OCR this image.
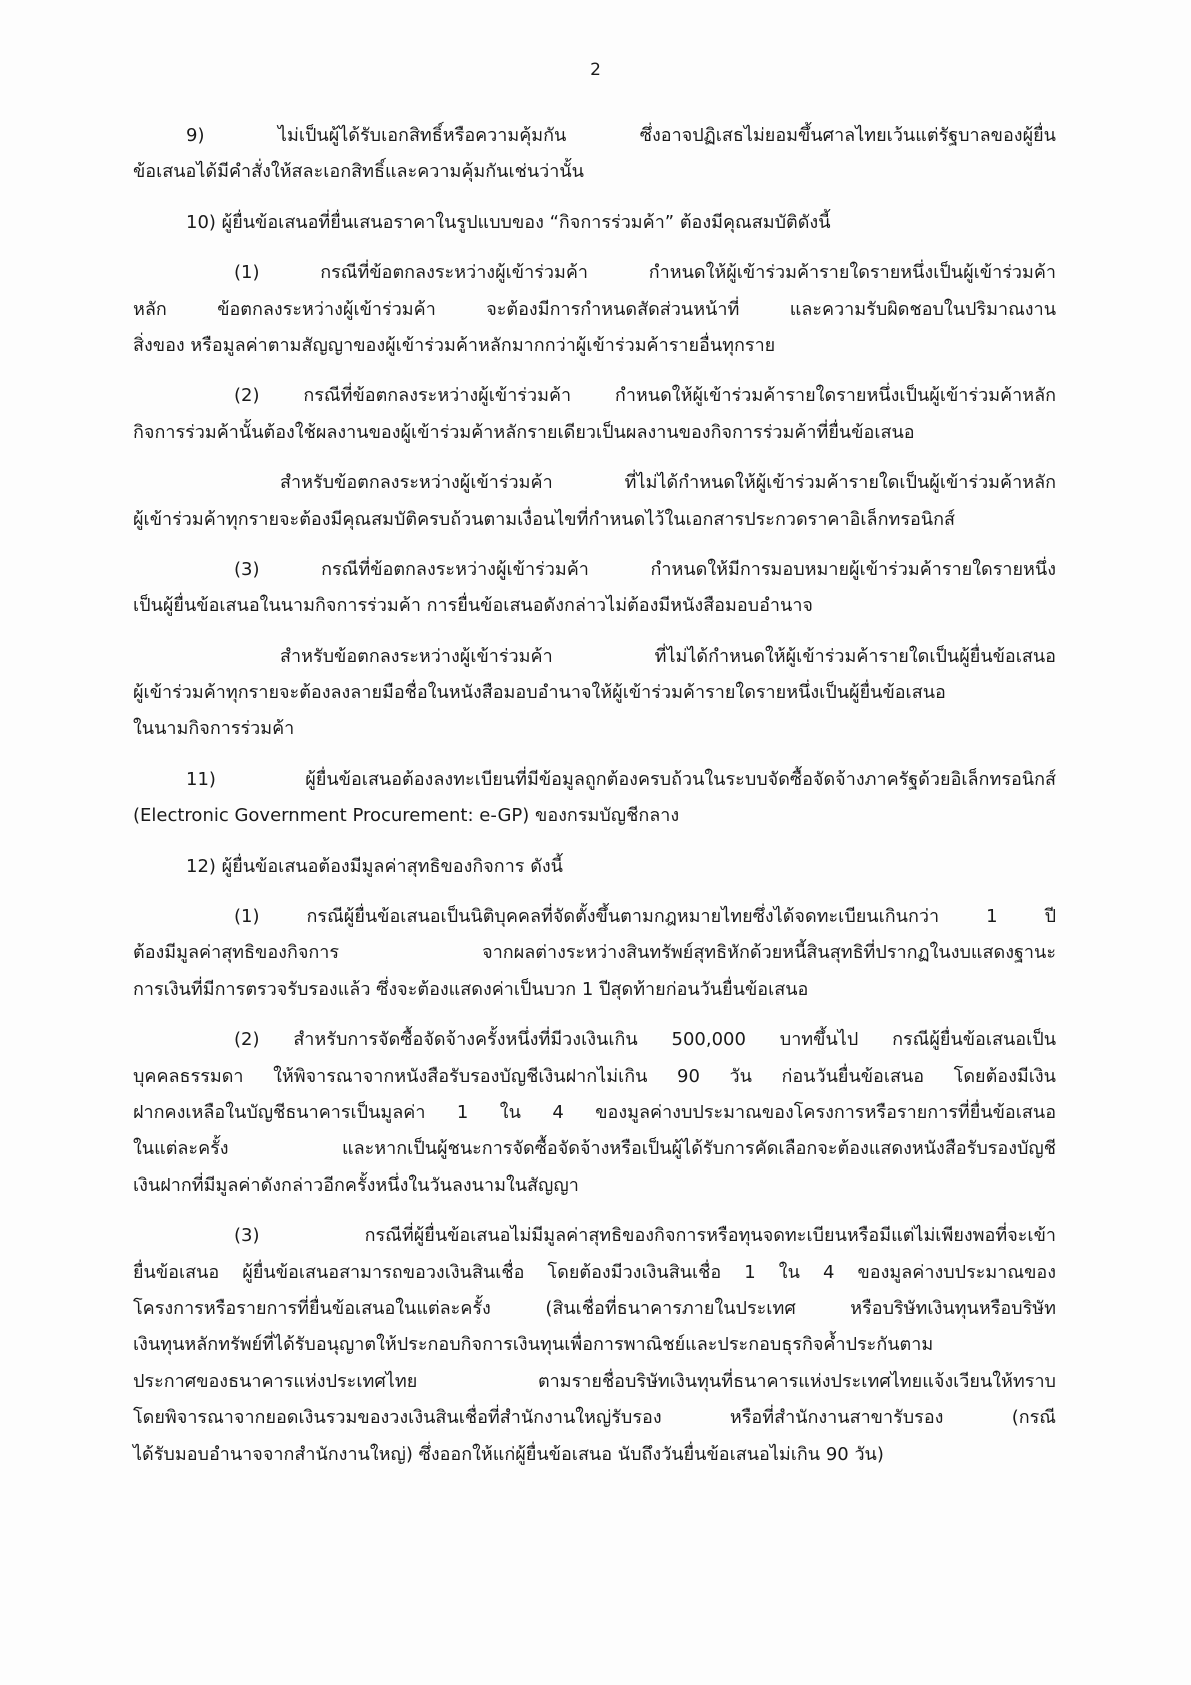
2
9) ไม่เป็นผู้ได้รับเอกสิทธิ์หรือความคุ้มกัน ซึ่งอาจปฏิเสธไม่ยอมขึ้นศาลไทยเว้นแต่รัฐบาลของผู้ยื่น
ข้อเสนอได้มีคำสั่งให้สละเอกสิทธิ์และความคุ้มกันเช่นว่านั้น
10) ผู้ยื่นข้อเสนอที่ยื่นเสนอราคาในรูปแบบของ “กิจการร่วมค้า” ต้องมีคุณสมบัติดังนี้
(1) กรณีที่ข้อตกลงระหว่างผู้เข้าร่วมค้า กำหนดให้ผู้เข้าร่วมค้ารายใดรายหนึ่งเป็นผู้เข้าร่วมค้า
หลัก ข้อตกลงระหว่างผู้เข้าร่วมค้า จะต้องมีการกำหนดสัดส่วนหน้าที่ และความรับผิดชอบในปริมาณงาน
สิ่งของ หรือมูลค่าตามสัญญาของผู้เข้าร่วมค้าหลักมากกว่าผู้เข้าร่วมค้ารายอื่นทุกราย
(2) กรณีที่ข้อตกลงระหว่างผู้เข้าร่วมค้า กำหนดให้ผู้เข้าร่วมค้ารายใดรายหนึ่งเป็นผู้เข้าร่วมค้าหลัก
กิจการร่วมค้านั้นต้องใช้ผลงานของผู้เข้าร่วมค้าหลักรายเดียวเป็นผลงานของกิจการร่วมค้าที่ยื่นข้อเสนอ
สำหรับข้อตกลงระหว่างผู้เข้าร่วมค้า ที่ไม่ได้กำหนดให้ผู้เข้าร่วมค้ารายใดเป็นผู้เข้าร่วมค้าหลัก
ผู้เข้าร่วมค้าทุกรายจะต้องมีคุณสมบัติครบถ้วนตามเงื่อนไขที่กำหนดไว้ในเอกสารประกวดราคาอิเล็กทรอนิกส์
(3) กรณีที่ข้อตกลงระหว่างผู้เข้าร่วมค้า กำหนดให้มีการมอบหมายผู้เข้าร่วมค้ารายใดรายหนึ่ง
เป็นผู้ยื่นข้อเสนอในนามกิจการร่วมค้า การยื่นข้อเสนอดังกล่าวไม่ต้องมีหนังสือมอบอำนาจ
สำหรับข้อตกลงระหว่างผู้เข้าร่วมค้า ที่ไม่ได้กำหนดให้ผู้เข้าร่วมค้ารายใดเป็นผู้ยื่นข้อเสนอ
ผู้เข้าร่วมค้าทุกรายจะต้องลงลายมือชื่อในหนังสือมอบอำนาจให้ผู้เข้าร่วมค้ารายใดรายหนึ่งเป็นผู้ยื่นข้อเสนอ
ในนามกิจการร่วมค้า
11) ผู้ยื่นข้อเสนอต้องลงทะเบียนที่มีข้อมูลถูกต้องครบถ้วนในระบบจัดซื้อจัดจ้างภาครัฐด้วยอิเล็กทรอนิกส์
(Electronic Government Procurement: e-GP) ของกรมบัญชีกลาง
12) ผู้ยื่นข้อเสนอต้องมีมูลค่าสุทธิของกิจการ ดังนี้
(1) กรณีผู้ยื่นข้อเสนอเป็นนิติบุคคลที่จัดตั้งขึ้นตามกฎหมายไทยซึ่งได้จดทะเบียนเกินกว่า 1 ปี
ต้องมีมูลค่าสุทธิของกิจการ จากผลต่างระหว่างสินทรัพย์สุทธิหักด้วยหนี้สินสุทธิที่ปรากฏในงบแสดงฐานะ
การเงินที่มีการตรวจรับรองแล้ว ซึ่งจะต้องแสดงค่าเป็นบวก 1 ปีสุดท้ายก่อนวันยื่นข้อเสนอ
(2) สำหรับการจัดซื้อจัดจ้างครั้งหนึ่งที่มีวงเงินเกิน 500,000 บาทขึ้นไป กรณีผู้ยื่นข้อเสนอเป็น
บุคคลธรรมดา ให้พิจารณาจากหนังสือรับรองบัญชีเงินฝากไม่เกิน 90 วัน ก่อนวันยื่นข้อเสนอ โดยต้องมีเงิน
ฝากคงเหลือในบัญชีธนาคารเป็นมูลค่า 1 ใน 4 ของมูลค่างบประมาณของโครงการหรือรายการที่ยื่นข้อเสนอ
ในแต่ละครั้ง และหากเป็นผู้ชนะการจัดซื้อจัดจ้างหรือเป็นผู้ได้รับการคัดเลือกจะต้องแสดงหนังสือรับรองบัญชี
เงินฝากที่มีมูลค่าดังกล่าวอีกครั้งหนึ่งในวันลงนามในสัญญา
(3) กรณีที่ผู้ยื่นข้อเสนอไม่มีมูลค่าสุทธิของกิจการหรือทุนจดทะเบียนหรือมีแต่ไม่เพียงพอที่จะเข้า
ยื่นข้อเสนอ ผู้ยื่นข้อเสนอสามารถขอวงเงินสินเชื่อ โดยต้องมีวงเงินสินเชื่อ 1 ใน 4 ของมูลค่างบประมาณของ
โครงการหรือรายการที่ยื่นข้อเสนอในแต่ละครั้ง (สินเชื่อที่ธนาคารภายในประเทศ หรือบริษัทเงินทุนหรือบริษัท
เงินทุนหลักทรัพย์ที่ได้รับอนุญาตให้ประกอบกิจการเงินทุนเพื่อการพาณิชย์และประกอบธุรกิจค้ำประกันตาม
ประกาศของธนาคารแห่งประเทศไทย ตามรายชื่อบริษัทเงินทุนที่ธนาคารแห่งประเทศไทยแจ้งเวียนให้ทราบ
โดยพิจารณาจากยอดเงินรวมของวงเงินสินเชื่อที่สำนักงานใหญ่รับรอง หรือที่สำนักงานสาขารับรอง (กรณี
ได้รับมอบอำนาจจากสำนักงานใหญ่) ซึ่งออกให้แก่ผู้ยื่นข้อเสนอ นับถึงวันยื่นข้อเสนอไม่เกิน 90 วัน)
